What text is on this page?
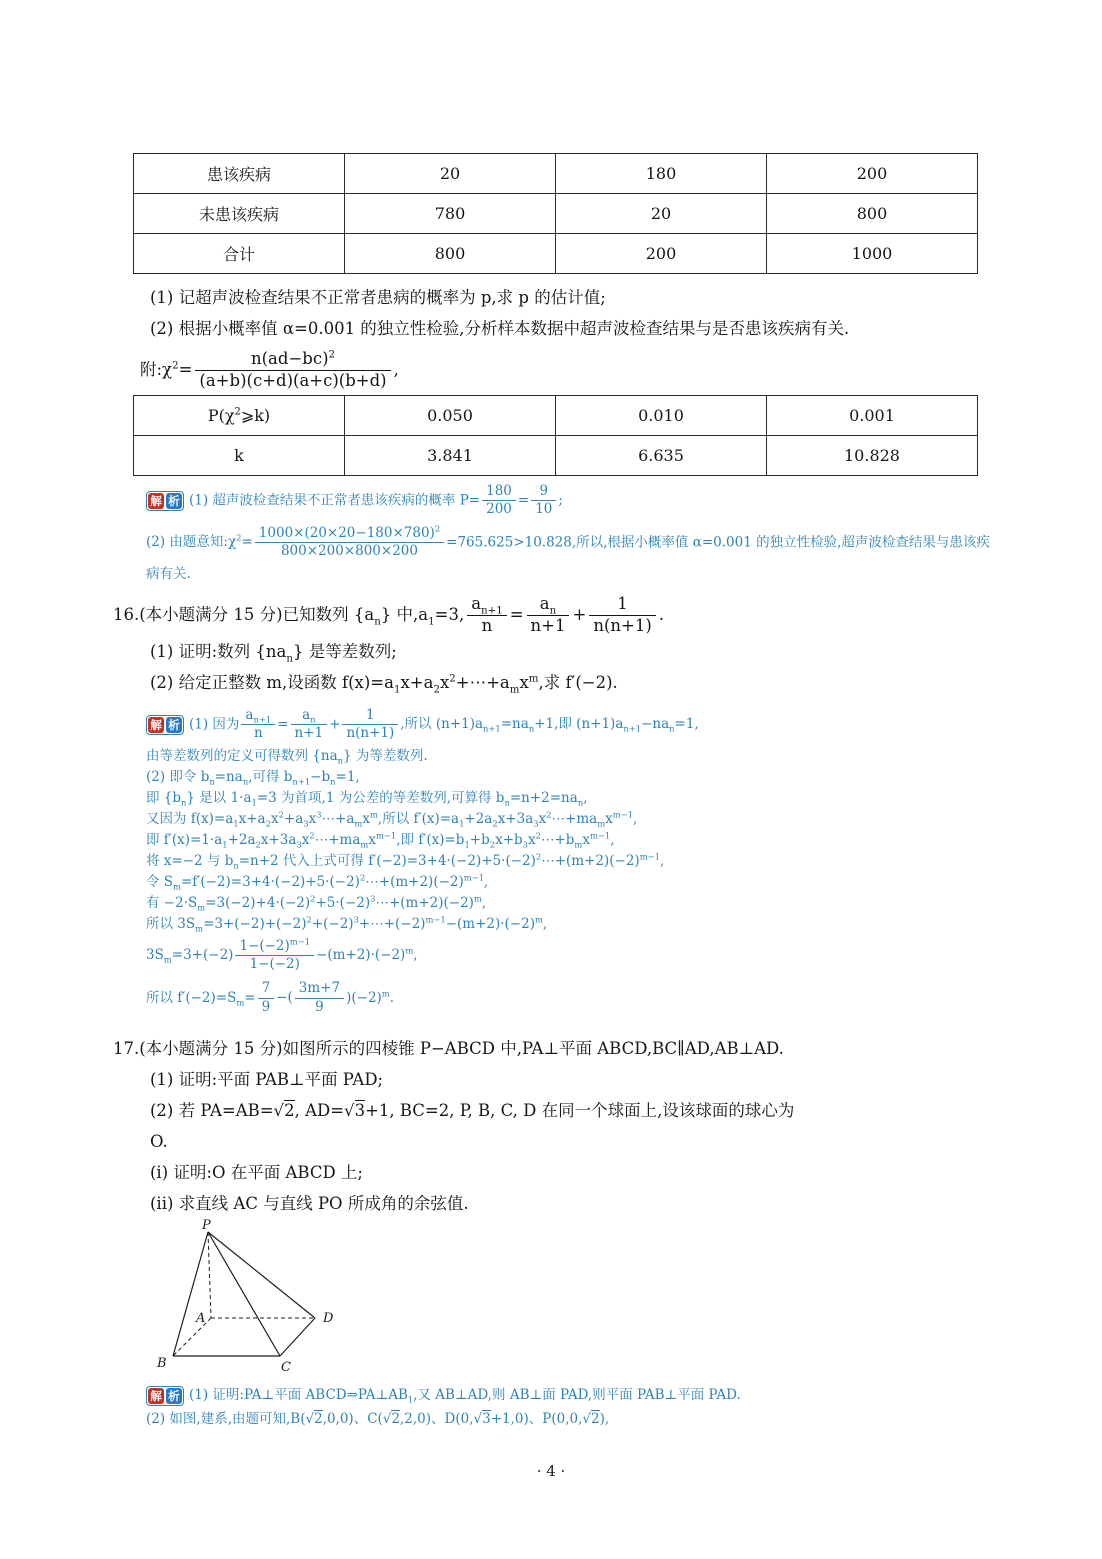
患该疾病	20	180	200
未患该疾病	780	20	800
合计	800	200	1000

(1) 记超声波检查结果不正常者患病的概率为 p,求 p 的估计值;

(2) 根据小概率值 α=0.001 的独立性检验,分析样本数据中超声波检查结果与是否患该疾病有关.

附$:\chi^2= \frac{n(ad-bc)^2}{(a+b)(c+d)(a+c)(b+d)}$ ,
$P(\chi^2⩾k)$	0.050	0.010	0.001
k	3.841	6.635	10.828
解 析 (1) 超声波检查结果不正常者患该疾病的概率 $P= \frac{180}{200} = \frac{9}{10}$ ;
(2) 由题意知$:\chi^2= \frac{1000\times(20\times 20-180\times 780)^2}{800\times 200\times 800\times 200} =765.625>10.828$,所以,根据小概率值 α=0.001 的独立性检验,超声波检查结果与患该疾
病有关.
16.(本小题满分 15 分)已知数列 $\{a_n\}$ 中$,a_1=3$, $\frac{a_{n+1}}{n} = \frac{a_n}{n+1} + \frac{1}{n(n+1)}$ .

(1) 证明:数列 $\{na_n\}$ 是等差数列;

(2) 给定正整数 m,设函数 $f(x)=a_1x+a_2x^2+\cdots+a_mx^m$,求 f′(−2).

解 析 (1) 因为 $\frac{a_{n+1}}{n} = \frac{a_n}{n+1} + \frac{1}{n(n+1)}$ ,所以 $(n+1)a_{n+1}=na_n+1$,即 $(n+1)a_{n+1}-na_n=1$,
由等差数列的定义可得数列 $\{na_n\}$ 为等差数列.
(2) 即令 $b_n=na_n$,可得 $b_{n+1}-b_n=1$,
即 $\{b_n\}$ 是以 $1\cdot a_1=3$ 为首项,1 为公差的等差数列,可算得 $b_n=n+2=na_n$,
又因为 $f(x)=a_1x+a_2x^2+a_3x^3\cdots+a_mx^m$,所以 $f'(x)=a_1+2a_2x+3a_3x^2\cdots+ma_mx^{m-1}$,
即 $f'(x)=1\cdot a_1+2a_2x+3a_3x^2\cdots+ma_mx^{m-1}$,即 $f'(x)=b_1+b_2x+b_3x^2\cdots+b_mx^{m-1}$,
将 x=−2 与 $b_n=n+2$ 代入上式可得 $f'(-2)=3+4\cdot(-2)+5\cdot(-2)^2\cdots+(m+2)(-2)^{m-1}$,
令 $S_m=f'(-2)=3+4\cdot(-2)+5\cdot(-2)^2\cdots+(m+2)(-2)^{m-1}$,
有 $-2\cdot S_m=3(-2)+4\cdot(-2)^2+5\cdot(-2)^3\cdots+(m+2)(-2)^m$,
所以 $3S_m=3+(-2)+(-2)^2+(-2)^3+\cdots+(-2)^{m-1}-(m+2)\cdot(-2)^m$,
$3S_m=3+(-2) \frac{1-(-2)^{m-1}}{1-(-2)} -(m+2)\cdot(-2)^m$,
所以 $f'(-2)=S_m= \frac{7}{9}$ −( $\frac{3m+7}{9} )(-2)^m$.
17.(本小题满分 15 分)如图所示的四棱锥 P−ABCD 中,PA⊥平面 ABCD,BC∥AD,AB⊥AD.

(1) 证明:平面 PAB⊥平面 PAD;

(2) 若 PA=AB=√2, AD=√3+1, BC=2, P, B, C, D 在同一个球面上,设该球面的球心为

O.

(i) 证明:O 在平面 ABCD 上;

(ii) 求直线 AC 与直线 PO 所成角的余弦值.

P
A
B	C
D
解 析 (1) 证明:PA⊥平面 $ABCD\Rightarrow PA\perp AB_1$,又 AB⊥AD,则 AB⊥面 PAD,则平面 PAB⊥平面 PAD.
(2) 如图,建系,由题可知,B(√2,0,0)、C(√2,2,0)、D(0,√3+1,0)、P(0,0,√2),
· 4 ·
